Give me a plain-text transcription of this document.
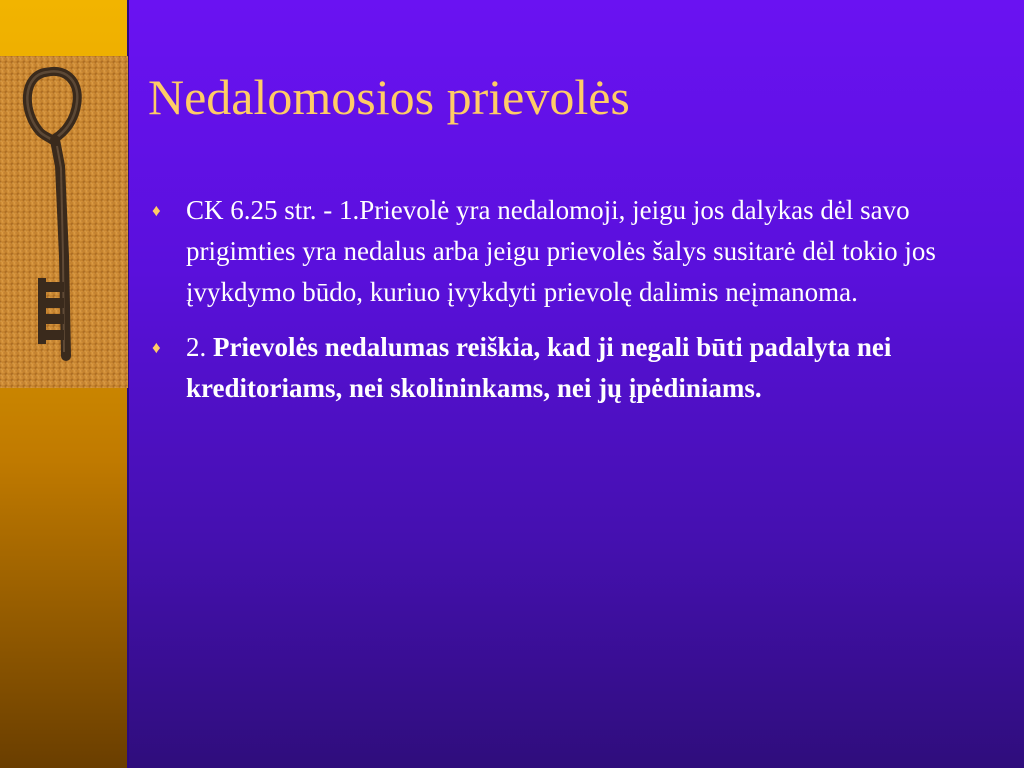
Nedalomosios prievolės
♦ CK 6.25 str. - 1.Prievolė yra nedalomoji, jeigu jos dalykas dėl savo prigimties yra nedalus arba jeigu prievolės šalys susitarė dėl tokio jos įvykdymo būdo, kuriuo įvykdyti prievolę dalimis neįmanoma.
♦ 2. Prievolės nedalumas reiškia, kad ji negali būti padalyta nei kreditoriams, nei skolininkams, nei jų įpėdiniams.
